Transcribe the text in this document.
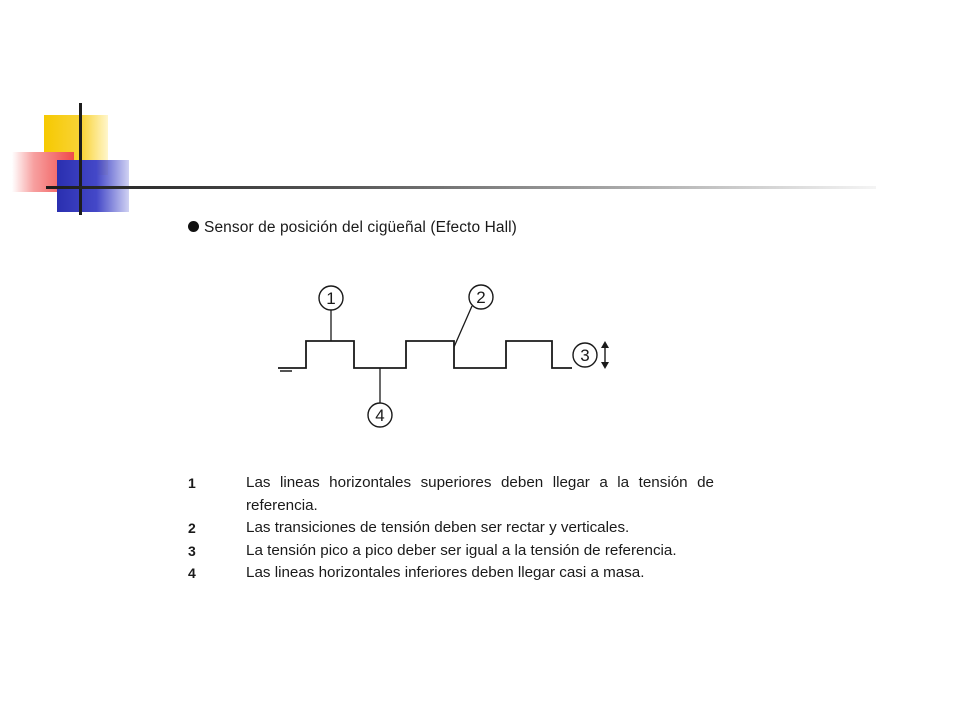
Sensor de posición del cigüeñal (Efecto Hall)
1	2
3
4
1	Las lineas horizontales superiores deben llegar a la tensión de referencia.
2	Las transiciones de tensión deben ser rectar y verticales.
3	La tensión pico a pico deber ser igual a la tensión de referencia.
4	Las lineas horizontales inferiores deben llegar casi a masa.
